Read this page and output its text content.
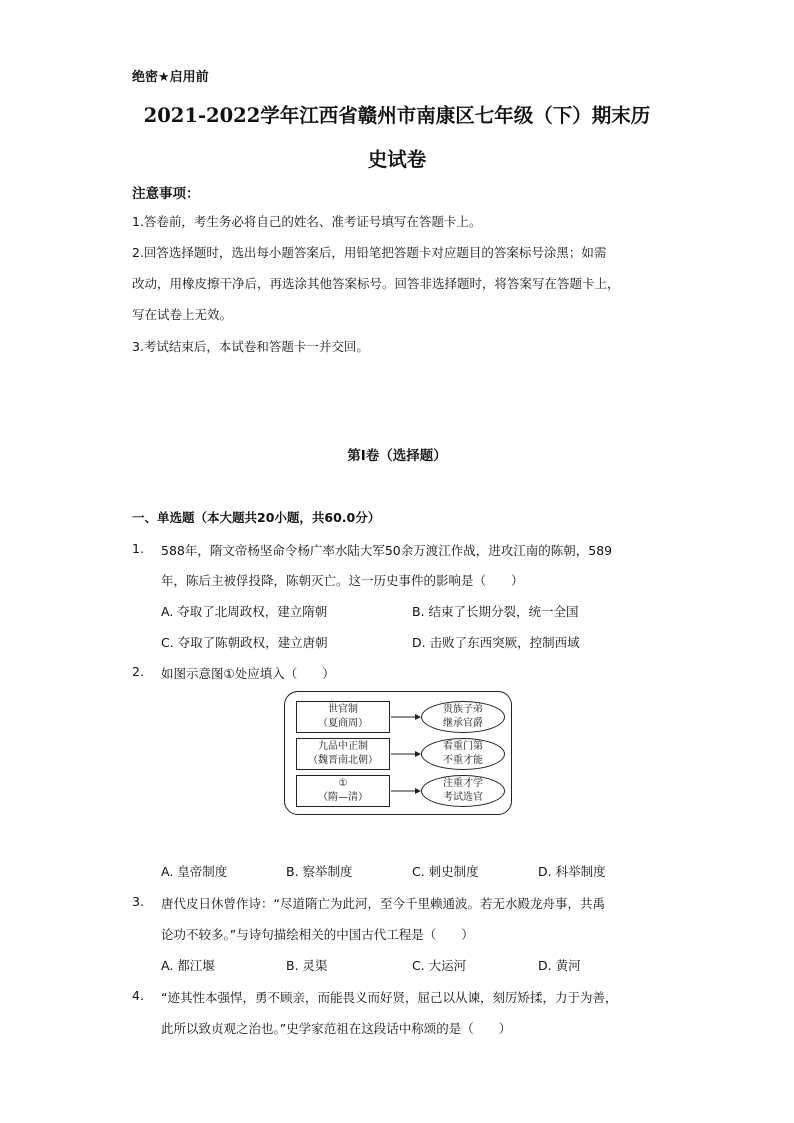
绝密★启用前
2021-2022学年江西省赣州市南康区七年级（下）期末历
史试卷
注意事项：
1.答卷前，考生务必将自己的姓名、准考证号填写在答题卡上。
2.回答选择题时，选出每小题答案后，用铅笔把答题卡对应题目的答案标号涂黑；如需
改动，用橡皮擦干净后，再选涂其他答案标号。回答非选择题时，将答案写在答题卡上，
写在试卷上无效。
3.考试结束后，本试卷和答题卡一并交回。
第I卷（选择题）
一、单选题（本大题共20小题，共60.0分）
1. 588年，隋文帝杨坚命令杨广率水陆大军50余万渡江作战，进攻江南的陈朝，589
年，陈后主被俘投降，陈朝灭亡。这一历史事件的影响是（　　）
A. 夺取了北周政权，建立隋朝	B. 结束了长期分裂，统一全国
C. 夺取了陈朝政权，建立唐朝	D. 击败了东西突厥，控制西域
2. 如图示意图①处应填入（　　）
世官制
（夏商周）
贵族子弟
继承官爵
九品中正制
（魏晋南北朝）
看重门第
不重才能
①
（隋—清）
注重才学
考试选官
A. 皇帝制度	B. 察举制度	C. 刺史制度	D. 科举制度
3. 唐代皮日休曾作诗：“尽道隋亡为此河，至今千里赖通波。若无水殿龙舟事，共禹
论功不较多。”与诗句描绘相关的中国古代工程是（　　）
A. 都江堰	B. 灵渠	C. 大运河	D. 黄河
4. “迹其性本强悍，勇不顾亲，而能畏义而好贤，屈己以从谏，刻厉矫揉，力于为善，
此所以致贞观之治也。”史学家范祖在这段话中称颂的是（　　）
